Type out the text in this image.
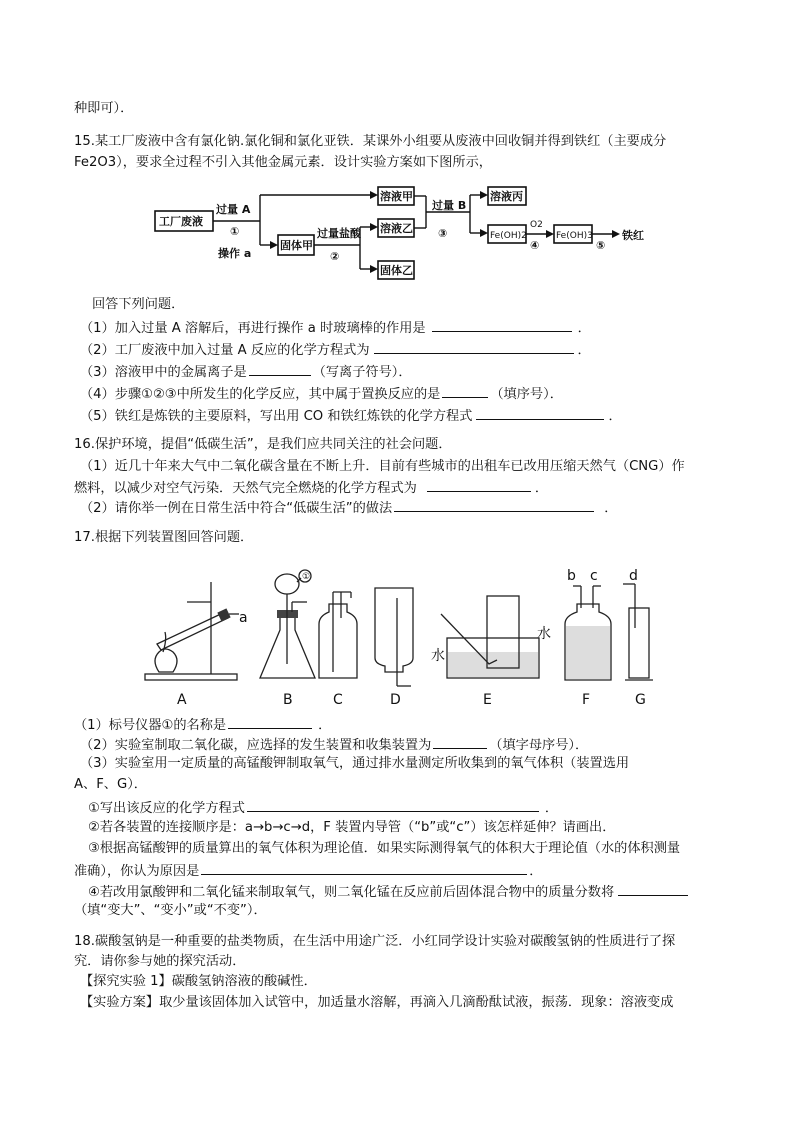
种即可）．
15.某工厂废液中含有氯化钠.氯化铜和氯化亚铁．某课外小组要从废液中回收铜并得到铁红（主要成分
Fe2O3），要求全过程不引入其他金属元素．设计实验方案如下图所示，
工厂废液
过量 A
①
操作 a
固体甲
过量盐酸
②
溶液甲
溶液乙
固体乙
过量 B
③
溶液丙
Fe(OH)2
O2
④
Fe(OH)3
⑤
铁红
回答下列问题．
（1）加入过量 A 溶解后，再进行操作 a 时玻璃棒的作用是	．
（2）工厂废液中加入过量 A 反应的化学方程式为	．
（3）溶液甲中的金属离子是	（写离子符号）．
（4）步骤①②③中所发生的化学反应，其中属于置换反应的是	（填序号）．
（5）铁红是炼铁的主要原料，写出用 CO 和铁红炼铁的化学方程式	．
16.保护环境，提倡“低碳生活”，是我们应共同关注的社会问题．
（1）近几十年来大气中二氧化碳含量在不断上升．目前有些城市的出租车已改用压缩天然气（CNG）作
燃料，以减少对空气污染．天然气完全燃烧的化学方程式为	．
（2）请你举一例在日常生活中符合“低碳生活”的做法	．
17.根据下列装置图回答问题．
a
①
水
b c
水
d
A	B	C	D	E	F	G
（1）标号仪器①的名称是	．
（2）实验室制取二氧化碳，应选择的发生装置和收集装置为	（填字母序号）．
（3）实验室用一定质量的高锰酸钾制取氧气，通过排水量测定所收集到的氧气体积（装置选用
A、F、G）．
①写出该反应的化学方程式	．
②若各装置的连接顺序是：a→b→c→d，F 装置内导管（“b”或“c”）该怎样延伸？请画出．
③根据高锰酸钾的质量算出的氧气体积为理论值．如果实际测得氧气的体积大于理论值（水的体积测量
准确），你认为原因是	．
④若改用氯酸钾和二氧化锰来制取氧气，则二氧化锰在反应前后固体混合物中的质量分数将
（填“变大”、“变小”或“不变”）．
18.碳酸氢钠是一种重要的盐类物质，在生活中用途广泛．小红同学设计实验对碳酸氢钠的性质进行了探
究．请你参与她的探究活动．
【探究实验 1】碳酸氢钠溶液的酸碱性．
【实验方案】取少量该固体加入试管中，加适量水溶解，再滴入几滴酚酞试液，振荡．现象：溶液变成
